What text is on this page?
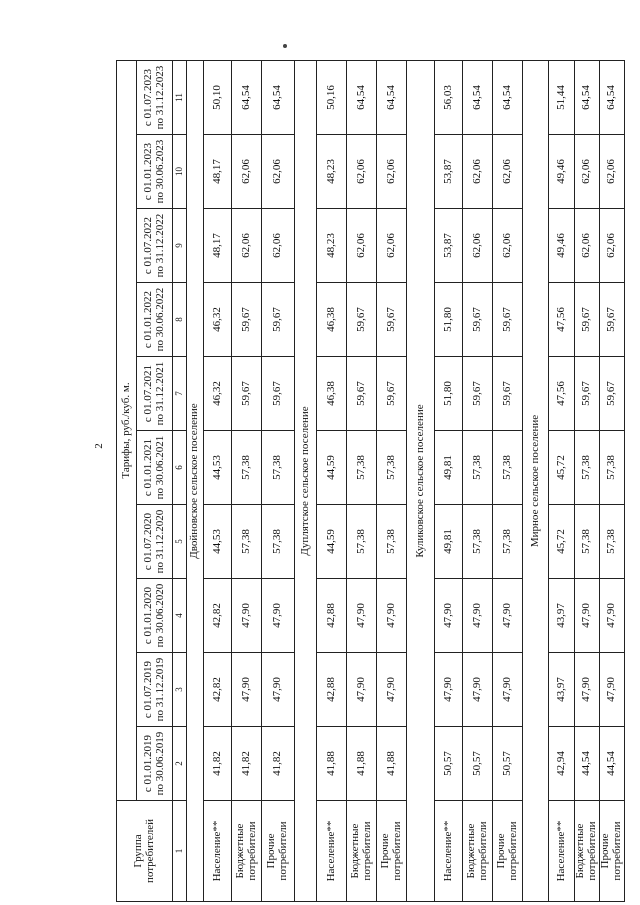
2
Группа потребителей	Тарифы, руб./куб. м.									
	с 01.01.2019 по 30.06.2019	с 01.07.2019 по 31.12.2019	с 01.01.2020 по 30.06.2020	с 01.07.2020 по 31.12.2020	с 01.01.2021 по 30.06.2021	с 01.07.2021 по 31.12.2021	с 01.01.2022 по 30.06.2022	с 01.07.2022 по 31.12.2022	с 01.01.2023 по 30.06.2023	с 01.07.2023 по 31.12.2023
1	2	3	4	5	6	7	8	9	10	11
Двойновское сельское поселение										
Население**	41,82	42,82	42,82	44,53	44,53	46,32	46,32	48,17	48,17	50,10
Бюджетные потребители	41,82	47,90	47,90	57,38	57,38	59,67	59,67	62,06	62,06	64,54
Прочие потребители	41,82	47,90	47,90	57,38	57,38	59,67	59,67	62,06	62,06	64,54
Дуплятское сельское поселение										
Население**	41,88	42,88	42,88	44,59	44,59	46,38	46,38	48,23	48,23	50,16
Бюджетные потребители	41,88	47,90	47,90	57,38	57,38	59,67	59,67	62,06	62,06	64,54
Прочие потребители	41,88	47,90	47,90	57,38	57,38	59,67	59,67	62,06	62,06	64,54
Куликовское сельское поселение										
Население**	50,57	47,90	47,90	49,81	49,81	51,80	51,80	53,87	53,87	56,03
Бюджетные потребители	50,57	47,90	47,90	57,38	57,38	59,67	59,67	62,06	62,06	64,54
Прочие потребители	50,57	47,90	47,90	57,38	57,38	59,67	59,67	62,06	62,06	64,54
Мирное сельское поселение										
Население**	42,94	43,97	43,97	45,72	45,72	47,56	47,56	49,46	49,46	51,44
Бюджетные потребители	44,54	47,90	47,90	57,38	57,38	59,67	59,67	62,06	62,06	64,54
Прочие потребители	44,54	47,90	47,90	57,38	57,38	59,67	59,67	62,06	62,06	64,54
